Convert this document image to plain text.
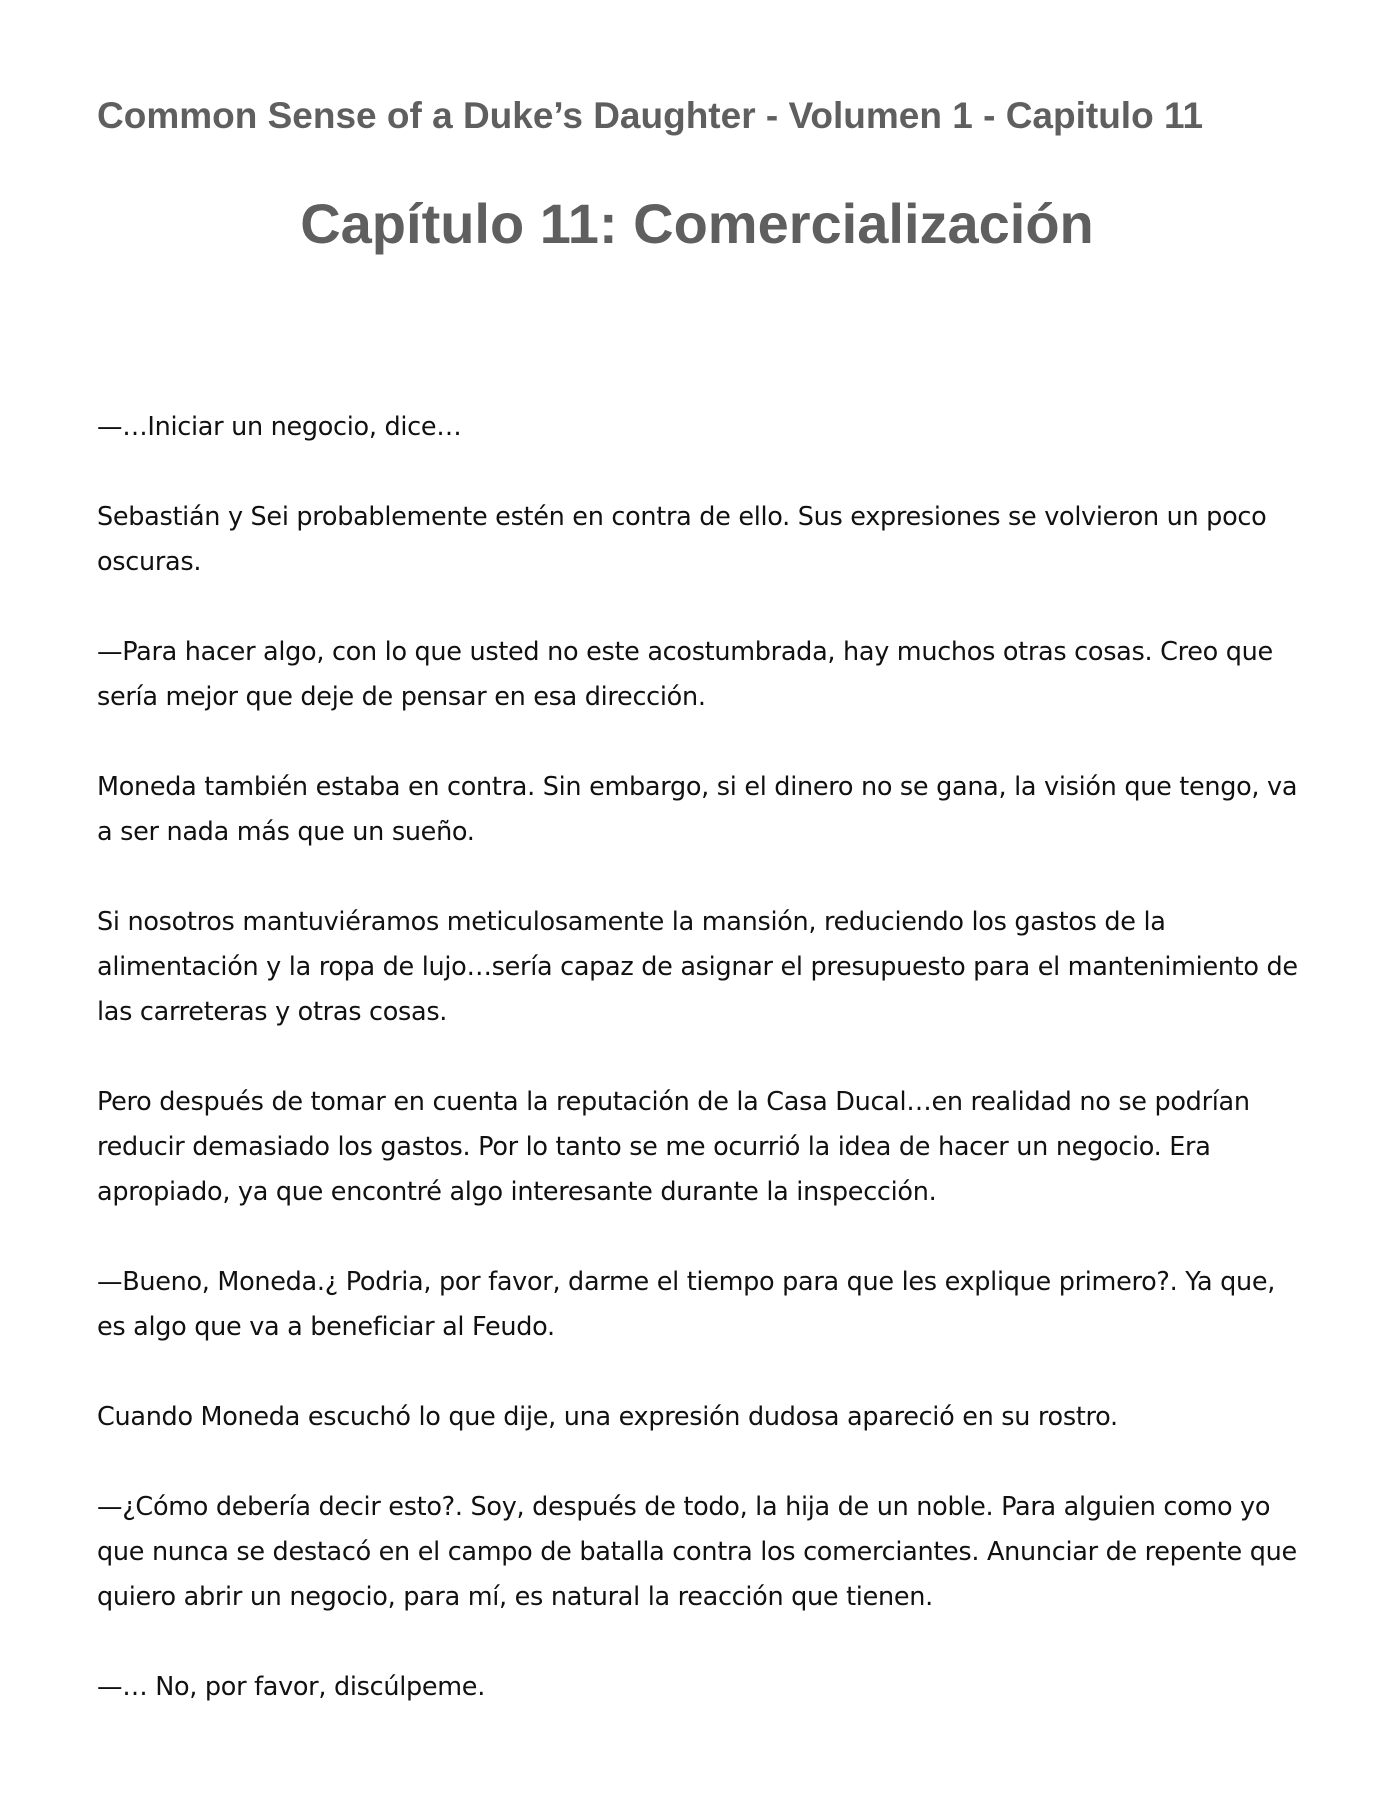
Common Sense of a Duke’s Daughter - Volumen 1 - Capitulo 11
Capítulo 11: Comercialización

—…Iniciar un negocio, dice…

Sebastián y Sei probablemente estén en contra de ello. Sus expresiones se volvieron un poco oscuras.

—Para hacer algo, con lo que usted no este acostumbrada, hay muchos otras cosas. Creo que sería mejor que deje de pensar en esa dirección.

Moneda también estaba en contra. Sin embargo, si el dinero no se gana, la visión que tengo, va a ser nada más que un sueño.

Si nosotros mantuviéramos meticulosamente la mansión, reduciendo los gastos de la alimentación y la ropa de lujo…sería capaz de asignar el presupuesto para el mantenimiento de las carreteras y otras cosas.

Pero después de tomar en cuenta la reputación de la Casa Ducal…en realidad no se podrían reducir demasiado los gastos. Por lo tanto se me ocurrió la idea de hacer un negocio. Era apropiado, ya que encontré algo interesante durante la inspección.

—Bueno, Moneda.¿ Podria, por favor, darme el tiempo para que les explique primero?. Ya que, es algo que va a beneficiar al Feudo.

Cuando Moneda escuchó lo que dije, una expresión dudosa apareció en su rostro.

—¿Cómo debería decir esto?. Soy, después de todo, la hija de un noble. Para alguien como yo que nunca se destacó en el campo de batalla contra los comerciantes. Anunciar de repente que quiero abrir un negocio, para mí, es natural la reacción que tienen.

—… No, por favor, discúlpeme.
